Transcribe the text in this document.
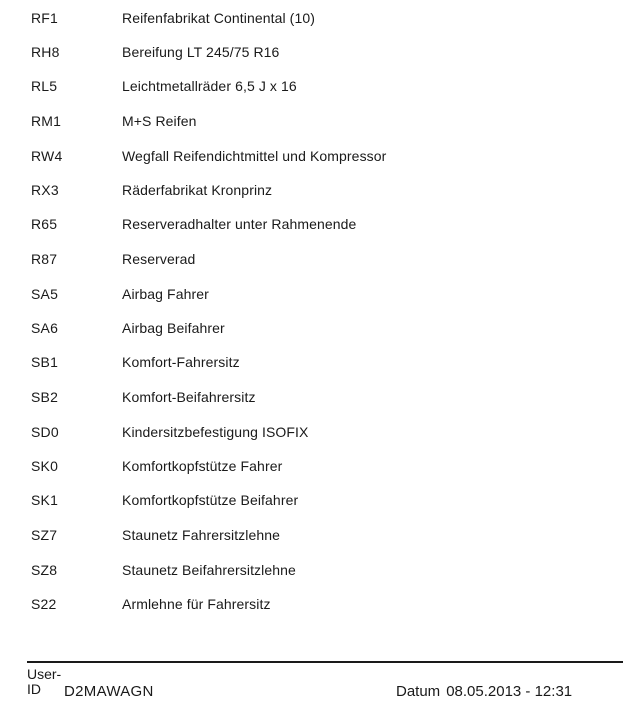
RF1	Reifenfabrikat Continental (10)
RH8	Bereifung LT 245/75 R16
RL5	Leichtmetallräder 6,5 J x 16
RM1	M+S Reifen
RW4	Wegfall Reifendichtmittel und Kompressor
RX3	Räderfabrikat Kronprinz
R65	Reserveradhalter unter Rahmenende
R87	Reserverad
SA5	Airbag Fahrer
SA6	Airbag Beifahrer
SB1	Komfort-Fahrersitz
SB2	Komfort-Beifahrersitz
SD0	Kindersitzbefestigung ISOFIX
SK0	Komfortkopfstütze Fahrer
SK1	Komfortkopfstütze Beifahrer
SZ7	Staunetz Fahrersitzlehne
SZ8	Staunetz Beifahrersitzlehne
S22	Armlehne für Fahrersitz
User-ID	D2MAWAGN	Datum 08.05.2013 - 12:31
